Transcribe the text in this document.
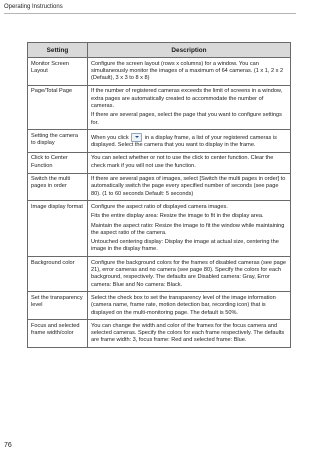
Operating Instructions
Setting	Description
Monitor Screen Layout	Configure the screen layout (rows x columns) for a window. You can simultaneously monitor the images of a maximum of 64 cameras. (1 x 1, 2 x 2 (Default), 3 x 3 to 8 x 8)

Page/Total Page	If the number of registered cameras exceeds the limit of screens in a window, extra pages are automatically created to accommodate the number of cameras.

If there are several pages, select the page that you want to configure settings for.

Setting the camera to display	When you click in a display frame, a list of your registered cameras is displayed. Select the camera that you want to display in the frame.

Click to Center Function	You can select whether or not to use the click to center function. Clear the check mark if you will not use the function.

Switch the multi pages in order	If there are several pages of images, select [Switch the multi pages in order] to automatically switch the page every specified number of seconds (see page 80). (1 to 60 seconds Default: 5 seconds)

Image display format	Configure the aspect ratio of displayed camera images.

Fits the entire display area: Resize the image to fit in the display area.

Maintain the aspect ratio: Resize the image to fit the window while maintaining the aspect ratio of the camera.

Untouched centering display: Display the image at actual size, centering the image in the display frame.

Background color	Configure the background colors for the frames of disabled cameras (see page 21), error cameras and no camera (see page 80). Specify the colors for each background, respectively. The defaults are Disabled camera: Gray, Error camera: Blue and No camera: Black.

Set the transparency level	Select the check box to set the transparency level of the image information (camera name, frame rate, motion detection bar, recording icon) that is displayed on the multi-monitoring page. The default is 50%.

Focus and selected frame width/color	You can change the width and color of the frames for the focus camera and selected cameras. Specify the colors for each frame respectively. The defaults are frame width: 3, focus frame: Red and selected frame: Blue.

76
